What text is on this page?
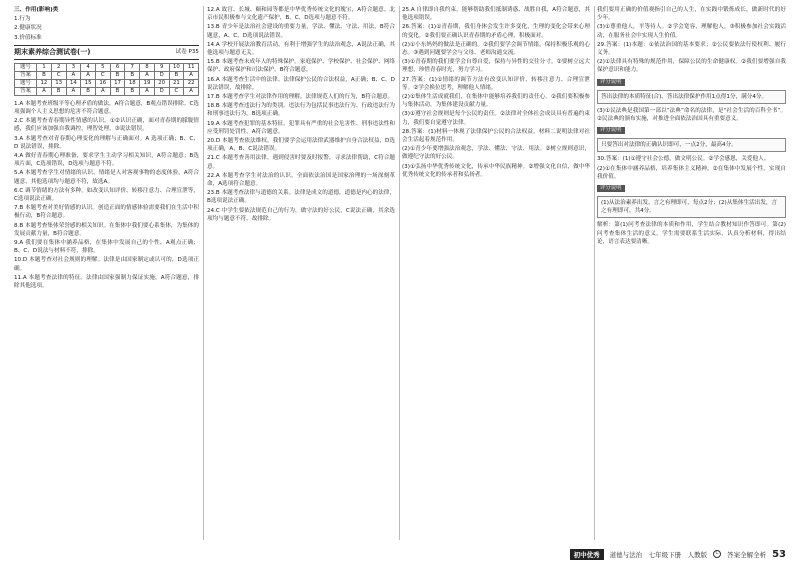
三、作用(影响)类

1.行为

2.健康状况

3.价值标准

期末素养综合测试卷(一)	试卷 P35
题号	1	2	3	4	5	6	7	8	9	10	11
答案	B	C	A	A	C	B	B	A	D	B	A
题号	12	13	14	15	16	17	18	19	20	21	22
答案	A	B	A	B	A	B	B	A	D	C	A

1.A 本题考查班级平等心理矛盾的做法，A符合题意，B观点错误排除。C选项强调个人主义思想的危害不符合题意。

2.C 本题考查青春期异性情感的认识。①②认识正确，面对青春期的朦胧情感，我们应该加强自我调控，理智处理，③说法错误。

3.A 本题考查对青春期心理变化的理解与正确面对。A 选项正确；B、C、D 说法错误，排除。

4.A 做好青春期心理准备，要求学生主动学习相关知识，A符合题意；B选项片面，C选项错误，D选项与题意不符。

5.A 本题考查学生对情绪的认识。情绪是人对客观事物的态度体验，A符合题意，其他选项均与题意不符，故选A。

6.C 调节情绪的方法有多种，如改变认知评价、转移注意力、合理宣泄等，C选项说法正确。

7.B 本题考查对美好情感的认识。创造正面的情感体验需要我们在生活中积极行动，B符合题意。

8.B 本题考查集体荣誉感的相关知识。在集体中我们要心系集体，为集体的发展贡献力量，B符合题意。

9.A 我们要在集体中涵养品格，在集体中发展自己的个性，A观点正确；B、C、D说法与材料不符，排除。

10.D 本题考查对社会规则的理解。法律是由国家制定或认可的，D选项正确。

11.A 本题考查法律的特征。法律由国家强制力保证实施，A符合题意，排除其他选项。

12.A 故宫、长城、颐和园等都是中华优秀传统文化的瑰宝，A符合题意。北京市民积极参与文化遗产保护，B、C、D选项与题意不符。

13.B 青少年是法治社会建设的重要力量，学法、懂法、守法、用法，B符合题意，A、C、D选项说法错误。

14.A 学校开展法治教育活动，有利于增强学生的法治观念，A说法正确，其他选项与题意无关。

15.B 本题考查未成年人的特殊保护。家庭保护、学校保护、社会保护、网络保护、政府保护和司法保护，B符合题意。

16.A 本题考查生活中的法律。法律保护公民的合法权益，A正确；B、C、D说法错误，故排除。

17.B 本题考查学生对法律作用的理解。法律规范人们的行为，B符合题意。

18.B 本题考查违法行为的类别。违法行为包括民事违法行为、行政违法行为和刑事违法行为，B选项正确。

19.A 本题考查犯罪的基本特征。犯罪具有严重的社会危害性、刑事违法性和应受刑罚处罚性，A符合题意。

20.D 本题考查依法维权。我们要学会运用法律武器维护自身合法权益，D选项正确，A、B、C说法错误。

21.C 本题考查善用法律。遇到侵害时要及时报警，寻求法律帮助，C符合题意。

22.A 本题考查学生对法治的认识。全面依法治国是国家治理的一场深刻革命，A选项符合题意。

23.B 本题考查法律与道德的关系。法律是成文的道德，道德是内心的法律，B选项说法正确。

24.C 中学生要依法规范自己的行为，做守法的好公民，C说法正确，其余选项均与题意不符，故排除。

25.A 自律即自我约束，能够帮助我们抵制诱惑、战胜自我，A符合题意，其他选项错误。

26.答案：(1)①青春期，我们身体会发生许多变化，生理的变化会带来心理的变化。②我们要正确认识青春期的矛盾心理，积极面对。

(2)①小东妈妈的做法是正确的。②我们要学会调节情绪，保持积极乐观的心态。③遇到问题要学会与父母、老师沟通交流。

(3)①青春期的我们要学会自尊自爱，保持与异性的交往分寸。②要树立远大理想，珍惜青春时光，努力学习。

27.答案：(1)①情绪的调节方法有改变认知评价、转移注意力、合理宣泄等。②学会换位思考，理解他人情绪。

(2)①集体生活成就我们，在集体中能够培养我们的责任心。②我们要积极参与集体活动，为集体建设贡献力量。

(3)①遵守社会规则是每个公民的责任。②法律对全体社会成员具有普遍约束力，我们要自觉遵守法律。

28.答案：(1)材料一体现了法律保护公民的合法权益，材料二说明法律对社会生活起着规范作用。

(2)①青少年要增强法治观念，学法、懂法、守法、用法。②树立规则意识，做遵纪守法的好公民。

(3)①弘扬中华优秀传统文化，传承中华民族精神。②增强文化自信，做中华优秀传统文化的传承者和弘扬者。

我们要用正确的价值观指引自己的人生，在实践中锻炼成长，做新时代的好少年。

(3)①尊重他人，平等待人。②学会宽容，理解他人。③积极参加社会实践活动，在服务社会中实现人生价值。

29.答案：(1)本题：①依法治国的基本要求；②公民要依法行使权利、履行义务。

(2)①法律具有特殊的规范作用，保障公民的生命健康权。②我们要增强自我保护意识和能力。

评分说明
答出法律的本质特征(合)、答出法律保护作用1点得1分，满分4分。

(3)①民法典是我国第一部以“法典”命名的法律，是“社会生活的百科全书”。②民法典的颁布实施，对推进全面依法治国具有重要意义。

评分说明
只要答出对法律的正确认识即可，一点2分，最高4分。

30.答案：(1)①遵守社会公德，做文明公民。②学会感恩，关爱他人。

(2)①在集体中涵养品格，培养集体主义精神。②在集体中发展个性，实现自我价值。

评分说明
(1)从法治素养出发，言之有理即可，每点2分；(2)从集体生活出发，言之有理即可，共4分。

解析：第(1)问考查法律的本质和作用，学生结合教材知识作答即可。第(2)问考查集体生活的意义，学生需要联系生活实际，认真分析材料，得出结论，语言表达要清晰。

初中优秀	道德与法治　七年级下册　人教版	C	答案全解全析 53
